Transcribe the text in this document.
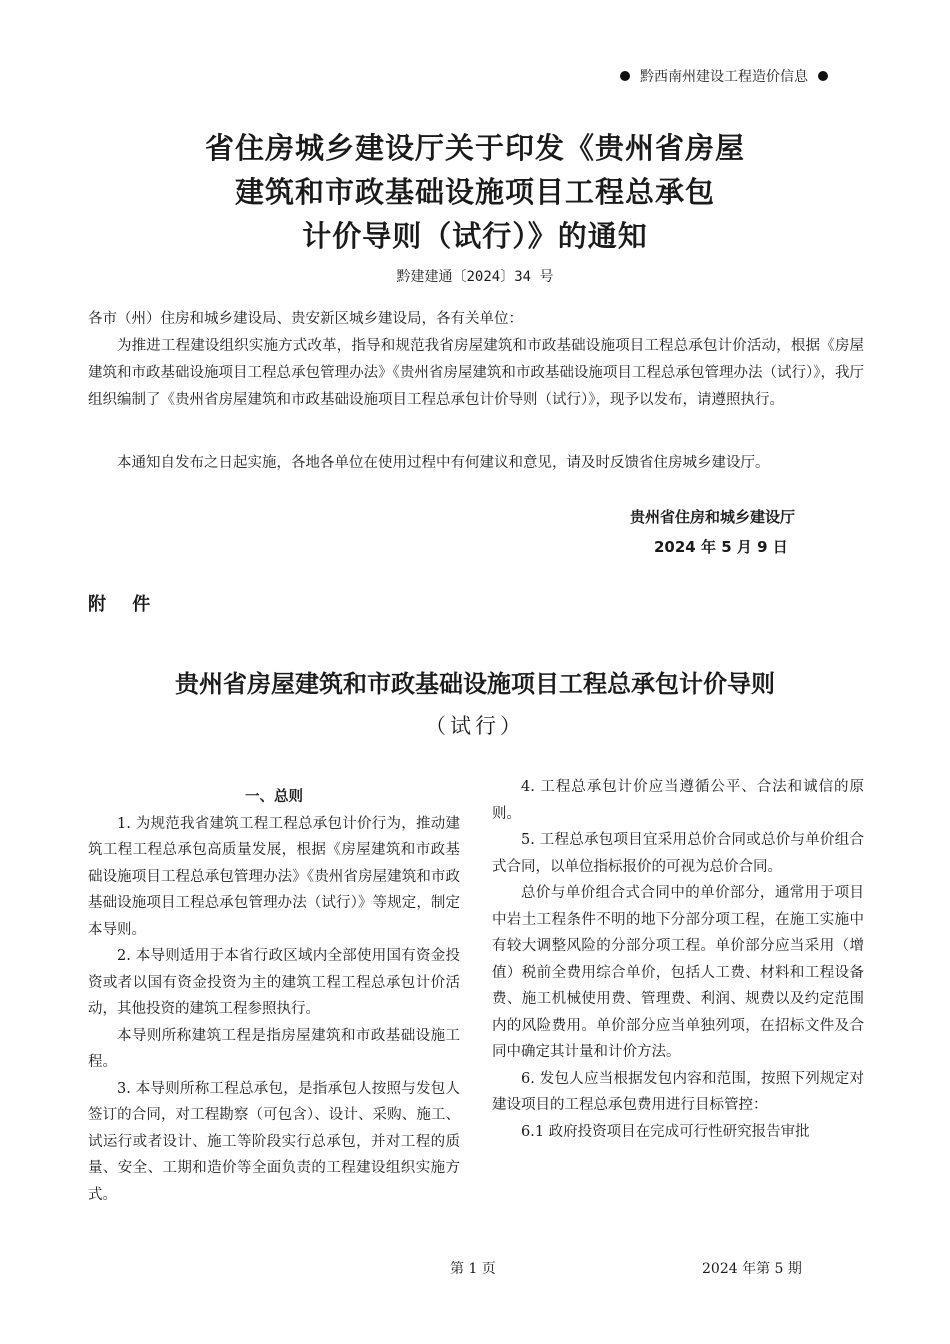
黔西南州建设工程造价信息
省住房城乡建设厅关于印发《贵州省房屋
建筑和市政基础设施项目工程总承包
计价导则（试行）》的通知
黔建建通〔2024〕34 号
各市（州）住房和城乡建设局、贵安新区城乡建设局，各有关单位：
为推进工程建设组织实施方式改革，指导和规范我省房屋建筑和市政基础设施项目工程总承包计价活动，根据《房屋建筑和市政基础设施项目工程总承包管理办法》《贵州省房屋建筑和市政基础设施项目工程总承包管理办法（试行）》，我厅组织编制了《贵州省房屋建筑和市政基础设施项目工程总承包计价导则（试行）》，现予以发布，请遵照执行。
本通知自发布之日起实施，各地各单位在使用过程中有何建议和意见，请及时反馈省住房城乡建设厅。
贵州省住房和城乡建设厅
2024 年 5 月 9 日
附 件
贵州省房屋建筑和市政基础设施项目工程总承包计价导则
（试行）
一、总则

1. 为规范我省建筑工程工程总承包计价行为，推动建筑工程工程总承包高质量发展，根据《房屋建筑和市政基础设施项目工程总承包管理办法》《贵州省房屋建筑和市政基础设施项目工程总承包管理办法（试行）》等规定，制定本导则。

2. 本导则适用于本省行政区域内全部使用国有资金投资或者以国有资金投资为主的建筑工程工程总承包计价活动，其他投资的建筑工程参照执行。

本导则所称建筑工程是指房屋建筑和市政基础设施工程。

3. 本导则所称工程总承包，是指承包人按照与发包人签订的合同，对工程勘察（可包含）、设计、采购、施工、试运行或者设计、施工等阶段实行总承包，并对工程的质量、安全、工期和造价等全面负责的工程建设组织实施方式。

4. 工程总承包计价应当遵循公平、合法和诚信的原则。

5. 工程总承包项目宜采用总价合同或总价与单价组合式合同，以单位指标报价的可视为总价合同。

总价与单价组合式合同中的单价部分，通常用于项目中岩土工程条件不明的地下分部分项工程，在施工实施中有较大调整风险的分部分项工程。单价部分应当采用（增值）税前全费用综合单价，包括人工费、材料和工程设备费、施工机械使用费、管理费、利润、规费以及约定范围内的风险费用。单价部分应当单独列项，在招标文件及合同中确定其计量和计价方法。

6. 发包人应当根据发包内容和范围，按照下列规定对建设项目的工程总承包费用进行目标管控：

6.1 政府投资项目在完成可行性研究报告审批

第 1 页	2024 年第 5 期
